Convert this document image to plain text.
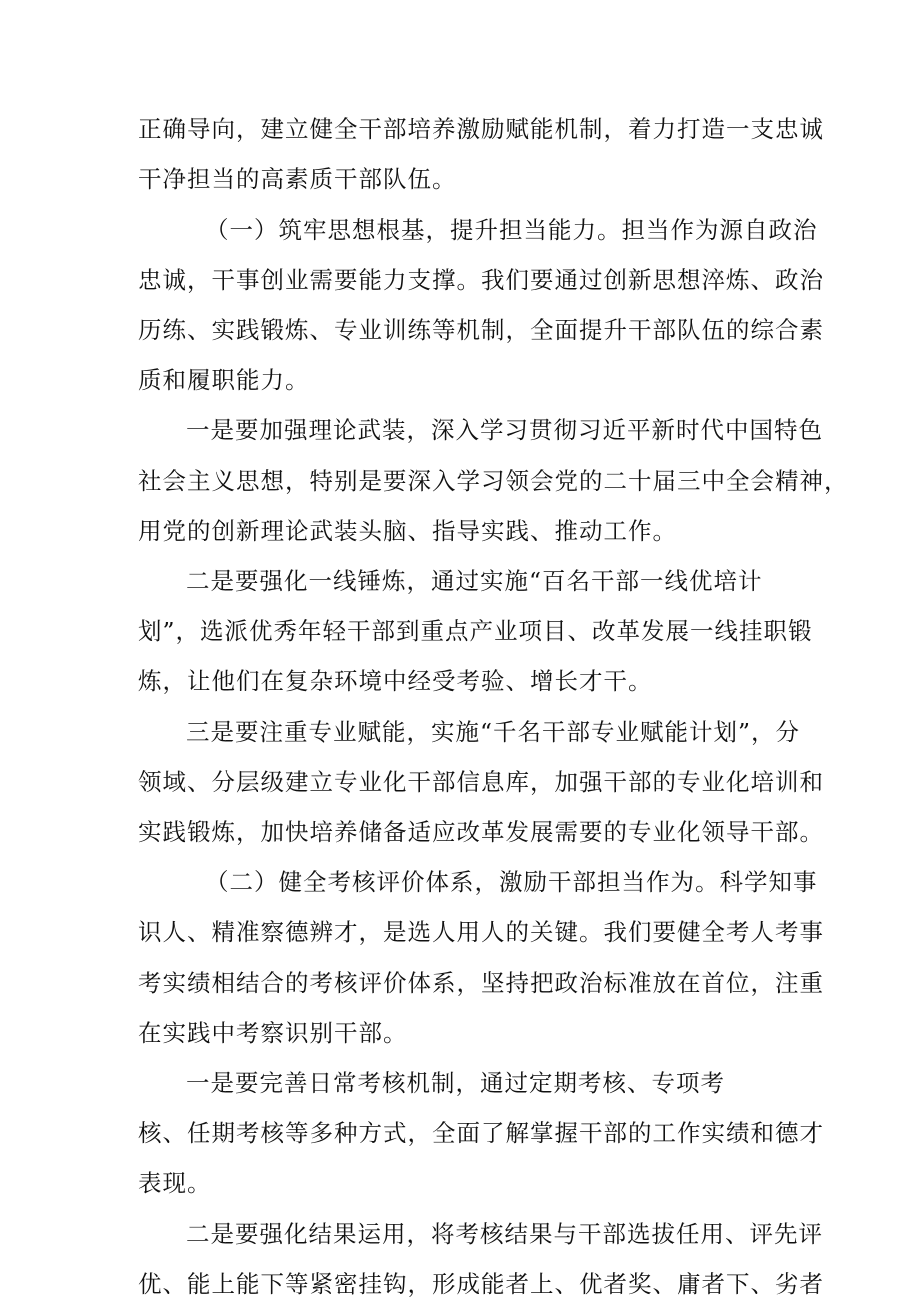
正确导向，建立健全干部培养激励赋能机制，着力打造一支忠诚
干净担当的高素质干部队伍。
（一）筑牢思想根基，提升担当能力。担当作为源自政治
忠诚，干事创业需要能力支撑。我们要通过创新思想淬炼、政治
历练、实践锻炼、专业训练等机制，全面提升干部队伍的综合素
质和履职能力。
一是要加强理论武装，深入学习贯彻习近平新时代中国特色
社会主义思想，特别是要深入学习领会党的二十届三中全会精神，
用党的创新理论武装头脑、指导实践、推动工作。
二是要强化一线锤炼，通过实施“百名干部一线优培计
划”，选派优秀年轻干部到重点产业项目、改革发展一线挂职锻
炼，让他们在复杂环境中经受考验、增长才干。
三是要注重专业赋能，实施“千名干部专业赋能计划”，分
领域、分层级建立专业化干部信息库，加强干部的专业化培训和
实践锻炼，加快培养储备适应改革发展需要的专业化领导干部。
（二）健全考核评价体系，激励干部担当作为。科学知事
识人、精准察德辨才，是选人用人的关键。我们要健全考人考事
考实绩相结合的考核评价体系，坚持把政治标准放在首位，注重
在实践中考察识别干部。
一是要完善日常考核机制，通过定期考核、专项考
核、任期考核等多种方式，全面了解掌握干部的工作实绩和德才
表现。
二是要强化结果运用，将考核结果与干部选拔任用、评先评
优、能上能下等紧密挂钩，形成能者上、优者奖、庸者下、劣者
